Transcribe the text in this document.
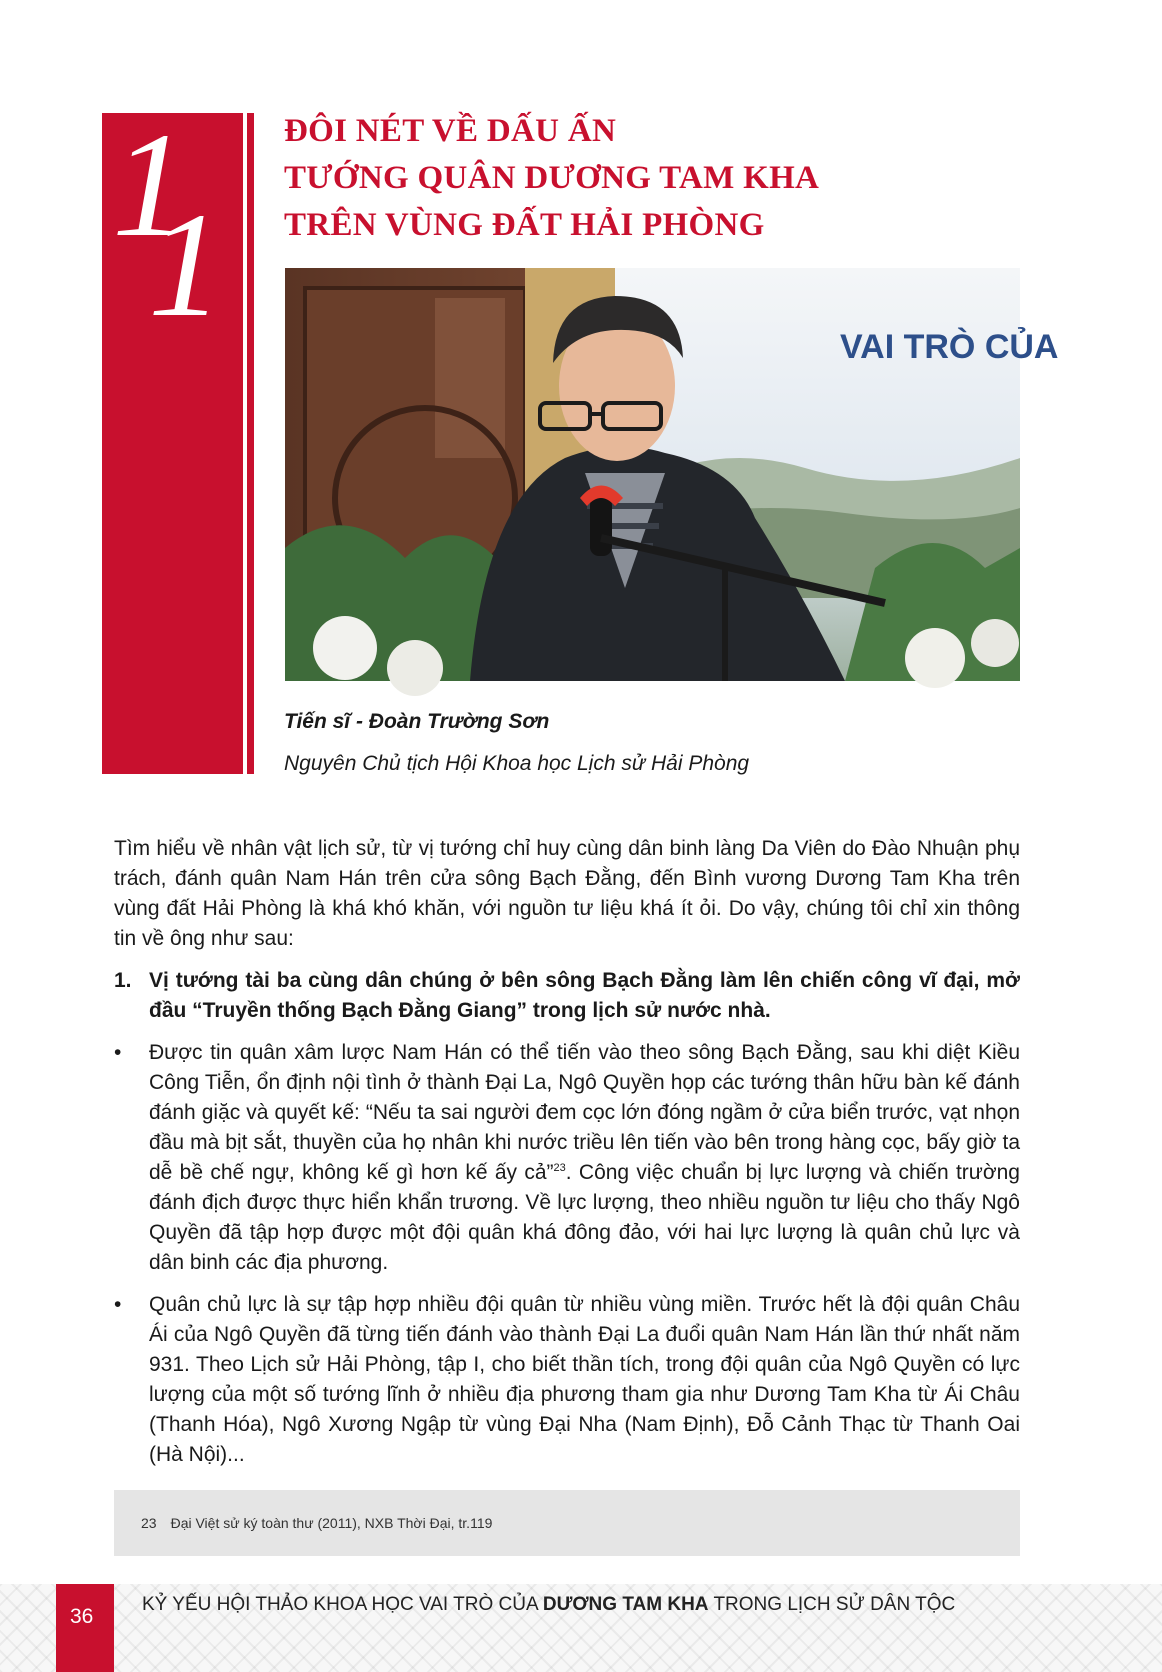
1
1
ĐÔI NÉT VỀ DẤU ẤN
TƯỚNG QUÂN DƯƠNG TAM KHA
TRÊN VÙNG ĐẤT HẢI PHÒNG
VAI TRÒ CỦA
Tiến sĩ - Đoàn Trường Sơn
Nguyên Chủ tịch Hội Khoa học Lịch sử Hải Phòng

Tìm hiểu về nhân vật lịch sử, từ vị tướng chỉ huy cùng dân binh làng Da Viên do Đào Nhuận phụ trách, đánh quân Nam Hán trên cửa sông Bạch Đằng, đến Bình vương Dương Tam Kha trên vùng đất Hải Phòng là khá khó khăn, với nguồn tư liệu khá ít ỏi. Do vậy, chúng tôi chỉ xin thông tin về ông như sau:

1. Vị tướng tài ba cùng dân chúng ở bên sông Bạch Đằng làm lên chiến công vĩ đại, mở đầu “Truyền thống Bạch Đằng Giang” trong lịch sử nước nhà.
• Được tin quân xâm lược Nam Hán có thể tiến vào theo sông Bạch Đằng, sau khi diệt Kiều Công Tiễn, ổn định nội tình ở thành Đại La, Ngô Quyền họp các tướng thân hữu bàn kế đánh đánh giặc và quyết kế: “Nếu ta sai người đem cọc lớn đóng ngầm ở cửa biển trước, vạt nhọn đầu mà bịt sắt, thuyền của họ nhân khi nước triều lên tiến vào bên trong hàng cọc, bấy giờ ta dễ bề chế ngự, không kế gì hơn kế ấy cả”$^{23}$. Công việc chuẩn bị lực lượng và chiến trường đánh địch được thực hiển khẩn trương. Về lực lượng, theo nhiều nguồn tư liệu cho thấy Ngô Quyền đã tập hợp được một đội quân khá đông đảo, với hai lực lượng là quân chủ lực và dân binh các địa phương.
• Quân chủ lực là sự tập hợp nhiều đội quân từ nhiều vùng miền. Trước hết là đội quân Châu Ái của Ngô Quyền đã từng tiến đánh vào thành Đại La đuổi quân Nam Hán lần thứ nhất năm 931. Theo Lịch sử Hải Phòng, tập I, cho biết thần tích, trong đội quân của Ngô Quyền có lực lượng của một số tướng lĩnh ở nhiều địa phương tham gia như Dương Tam Kha từ Ái Châu (Thanh Hóa), Ngô Xương Ngập từ vùng Đại Nha (Nam Định), Đỗ Cảnh Thạc từ Thanh Oai (Hà Nội)...
23 Đại Việt sử ký toàn thư (2011), NXB Thời Đại, tr.119
36
KỶ YẾU HỘI THẢO KHOA HỌC VAI TRÒ CỦA DƯƠNG TAM KHA TRONG LỊCH SỬ DÂN TỘC
